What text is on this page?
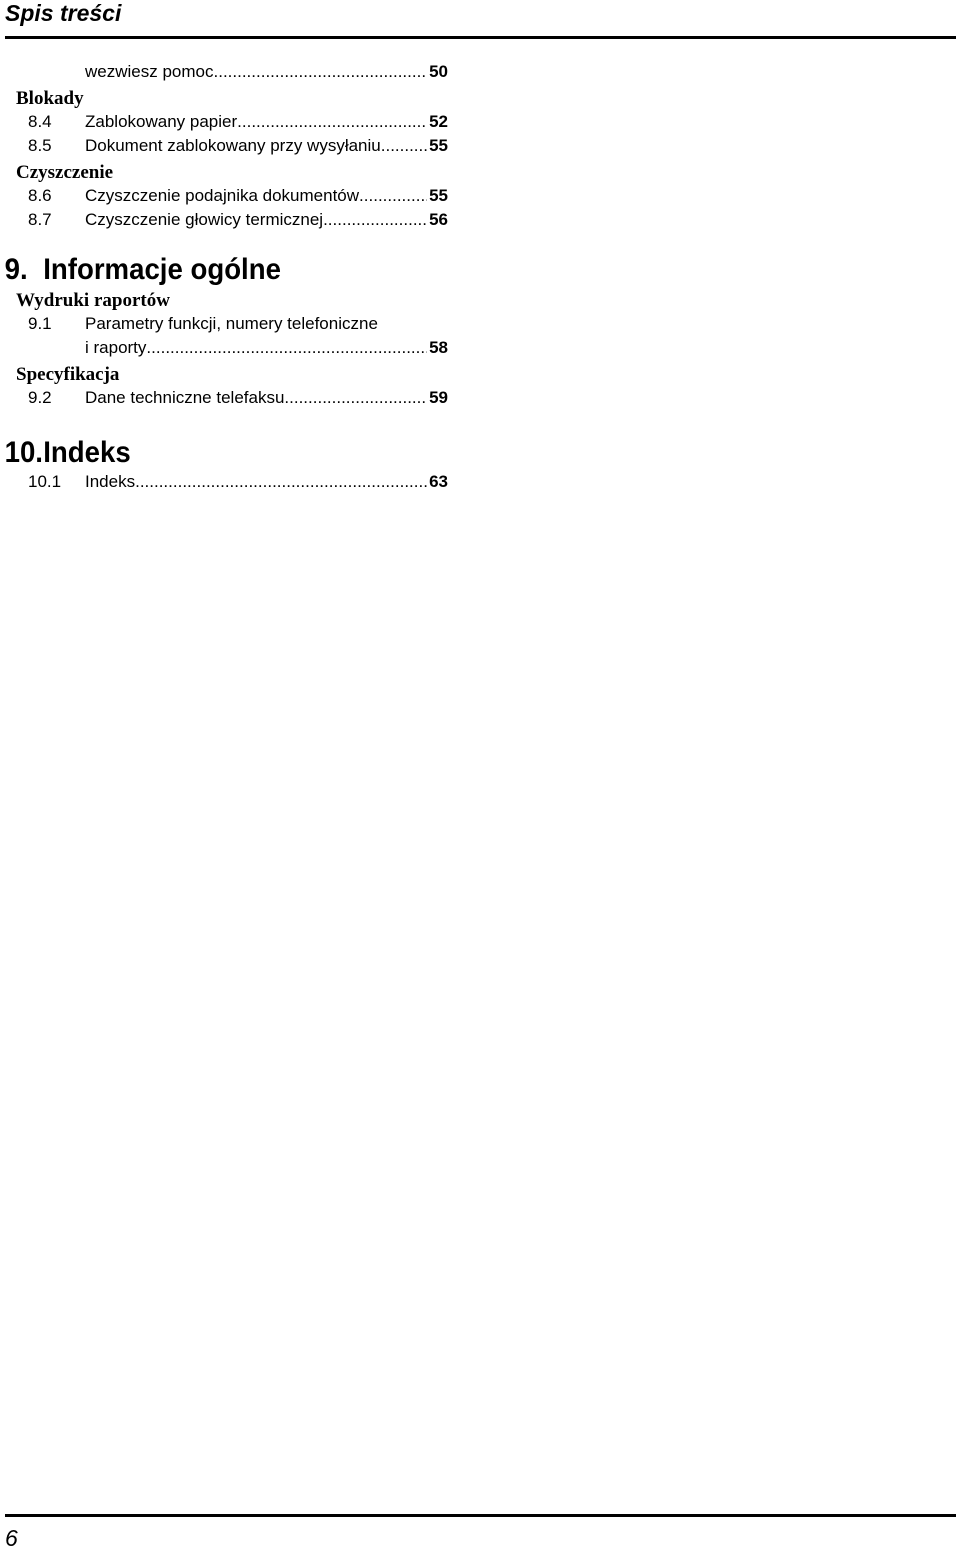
Spis treści
wezwiesz pomoc .....	50
Blokady
8.4 Zablokowany papier .....	52
8.5 Dokument zablokowany przy wysyłaniu .....	55
Czyszczenie
8.6 Czyszczenie podajnika dokumentów .....	55
8.7 Czyszczenie głowicy termicznej .....	56
9. Informacje ogólne
Wydruki raportów
9.1 Parametry funkcji, numery telefoniczne
i raporty .....	58
Specyfikacja
9.2 Dane techniczne telefaksu .....	59
10. Indeks
10.1 Indeks .....	63
6
